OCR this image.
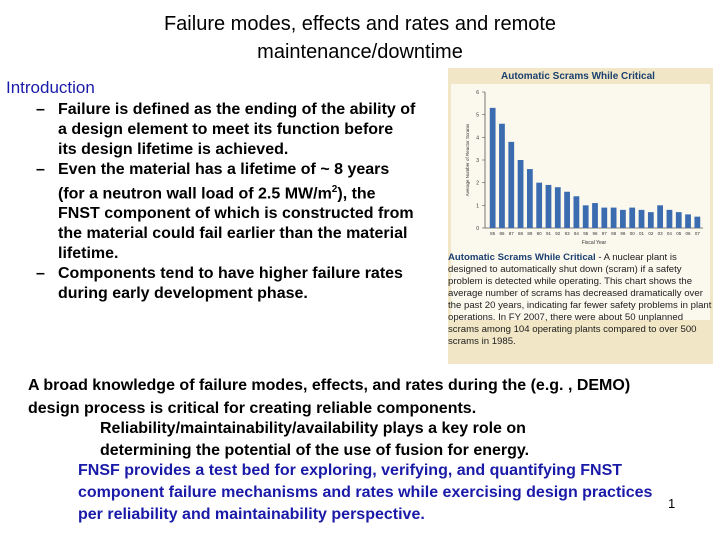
Failure modes, effects and rates and remote
maintenance/downtime
Introduction
– Failure is defined as the ending of the ability of a design element to meet its function before its design lifetime is achieved.
– Even the material has a lifetime of ~ 8 years (for a neutron wall load of 2.5 $MW/m^2$), the FNST component of which is constructed from the material could fail earlier than the material lifetime.
– Components tend to have higher failure rates during early development phase.
Automatic Scrams While Critical
0
1
2
3
4
5
6
Average Number of Reactor Scrams
85 86 87 88 89 90 91 92 93 94 95 96 97 98 99 00 01 02 03 04 05 06 07
Fiscal Year
Automatic Scrams While Critical - A nuclear plant is designed to automatically shut down (scram) if a safety problem is detected while operating. This chart shows the average number of scrams has decreased dramatically over the past 20 years, indicating far fewer safety problems in plant operations. In FY 2007, there were about 50 unplanned scrams among 104 operating plants compared to over 500 scrams in 1985.
A broad knowledge of failure modes, effects, and rates during the (e.g. , DEMO) design process is critical for creating reliable components.
Reliability/maintainability/availability plays a key role on determining the potential of the use of fusion for energy.
FNSF provides a test bed for exploring, verifying, and quantifying FNST component failure mechanisms and rates while exercising design practices per reliability and maintainability perspective.
1
